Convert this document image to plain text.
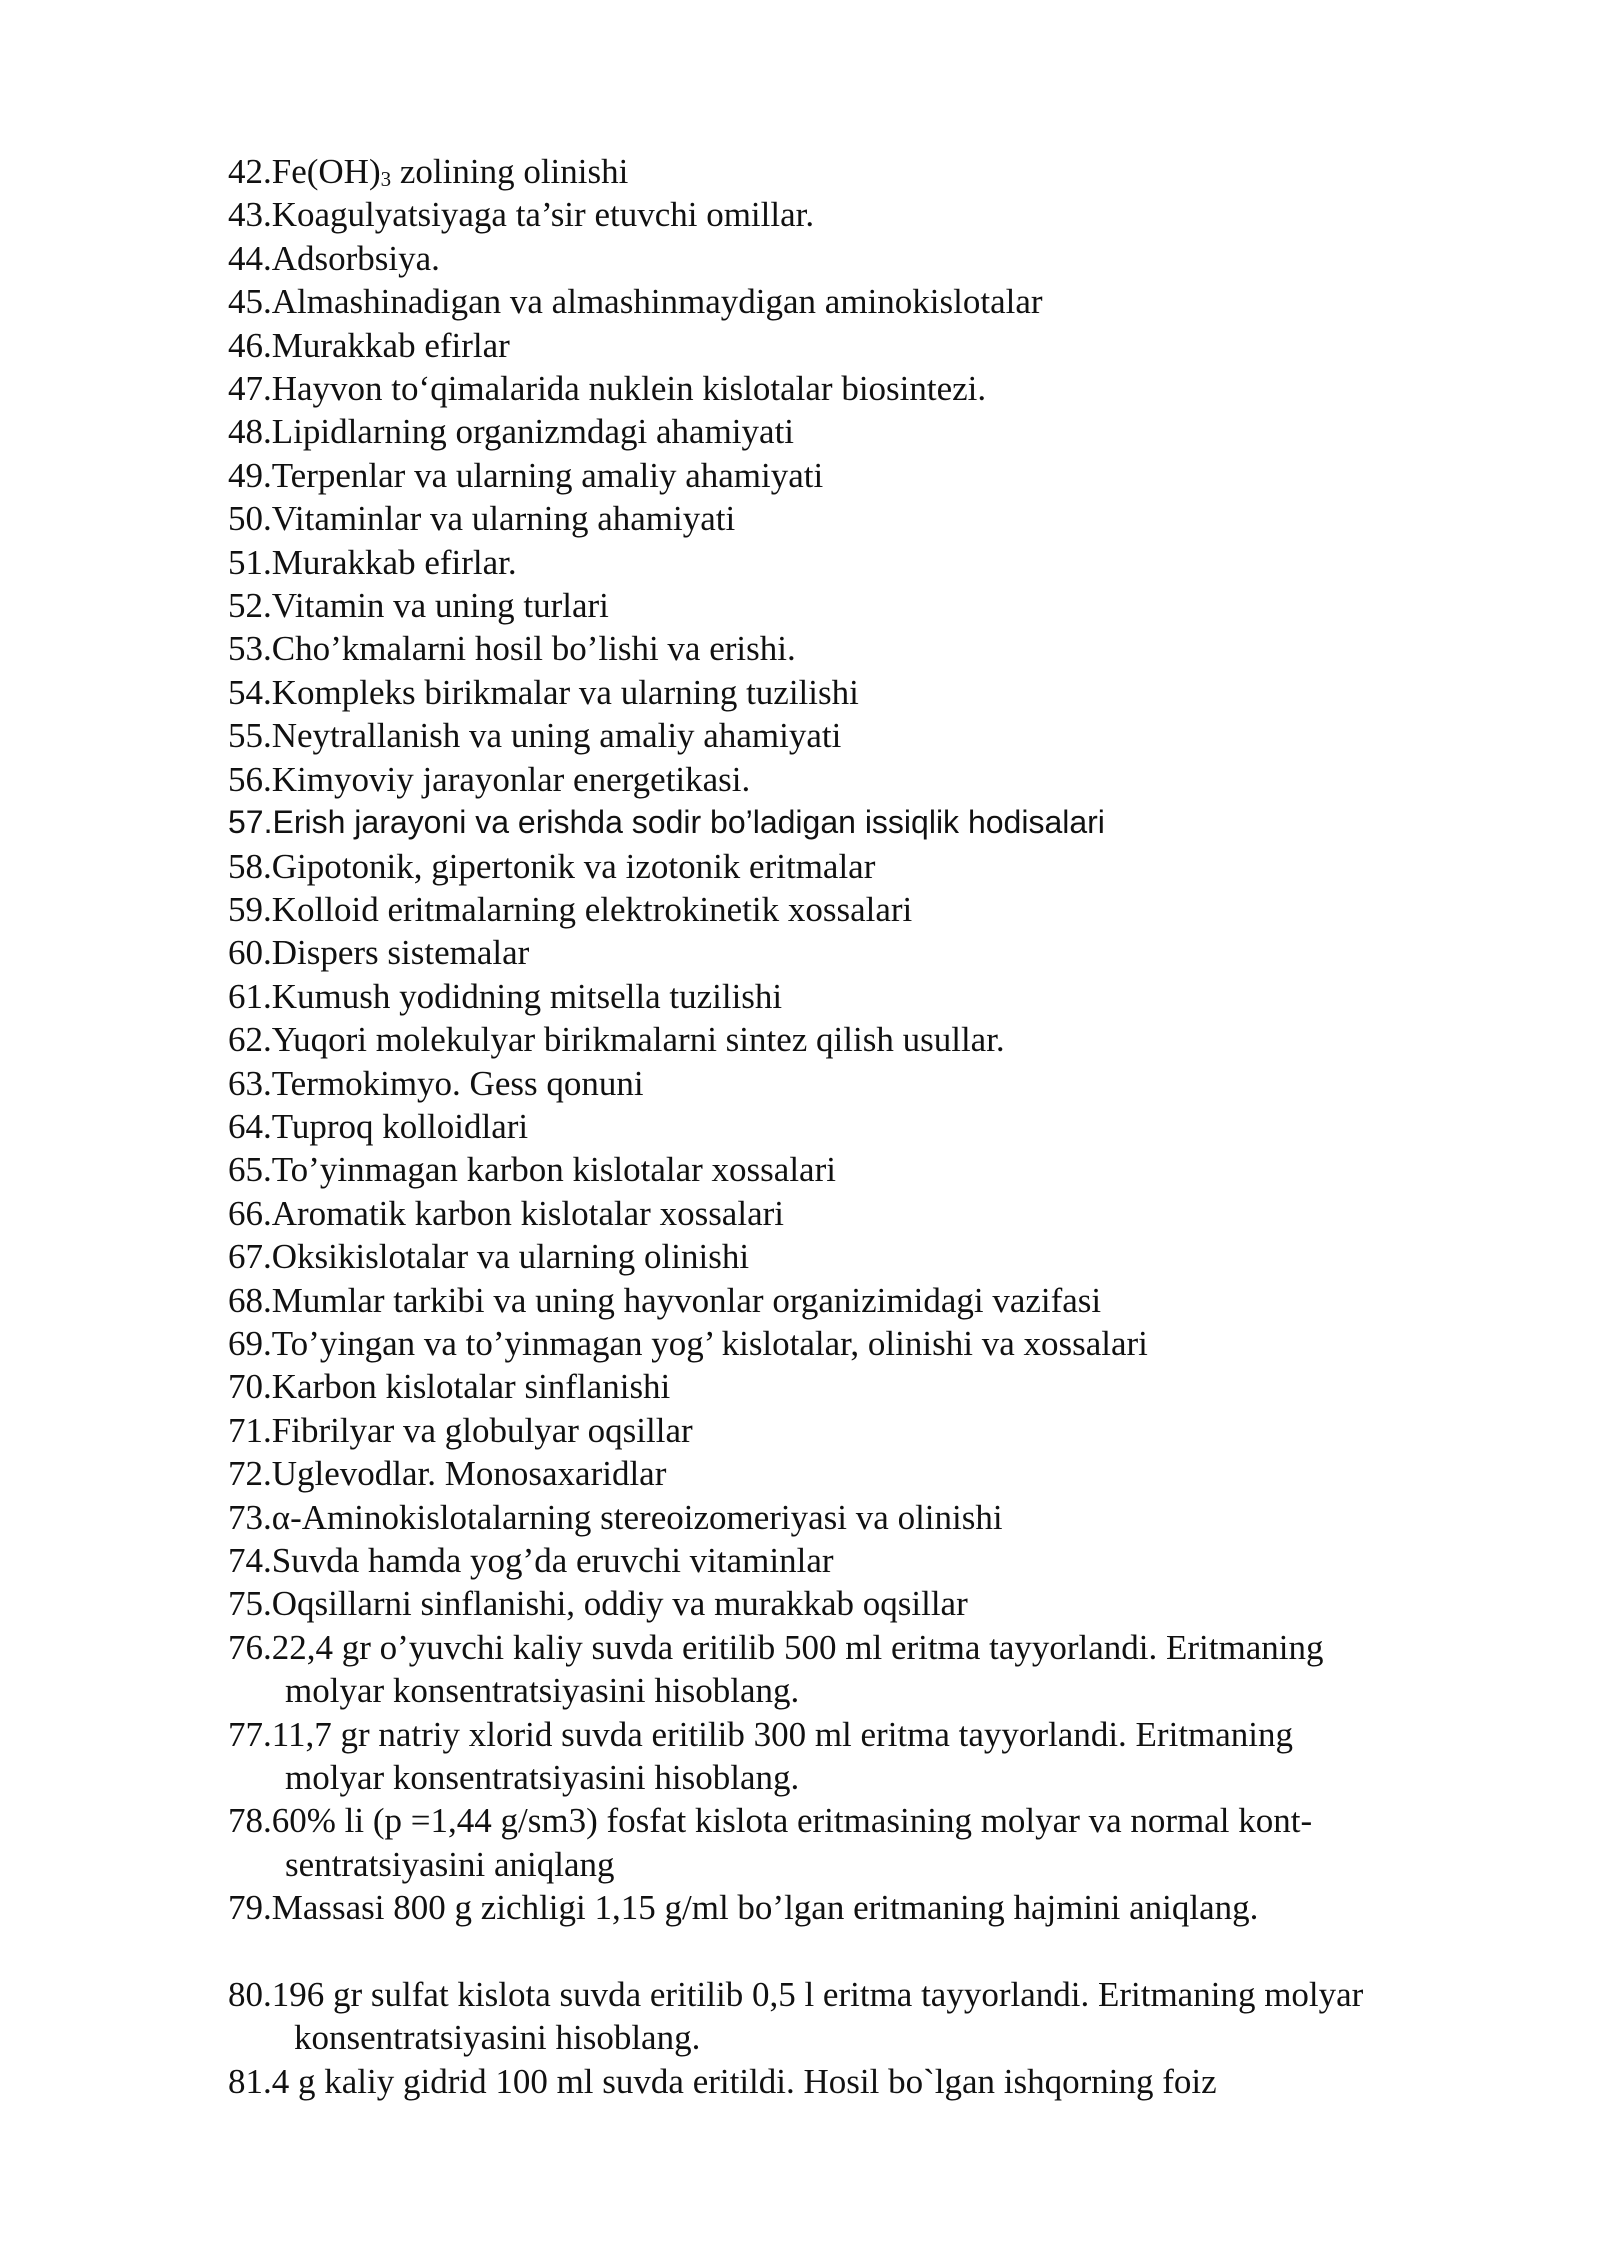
$42.Fe(OH)_3$ zolining olinishi
43.Koagulyatsiyaga ta’sir etuvchi omillar.
44.Adsorbsiya.
45.Almashinadigan va almashinmaydigan aminokislotalar
46.Murakkab efirlar
47.Hayvon to‘qimalarida nuklein kislotalar biosintezi.
48.Lipidlarning organizmdagi ahamiyati
49.Terpenlar va ularning amaliy ahamiyati
50.Vitaminlar va ularning ahamiyati
51.Murakkab efirlar.
52.Vitamin va uning turlari
53.Cho’kmalarni hosil bo’lishi va erishi.
54.Kompleks birikmalar va ularning tuzilishi
55.Neytrallanish va uning amaliy ahamiyati
56.Kimyoviy jarayonlar energetikasi.
57.Erish jarayoni va erishda sodir bo’ladigan issiqlik hodisalari
58.Gipotonik, gipertonik va izotonik eritmalar
59.Kolloid eritmalarning elektrokinetik xossalari
60.Dispers sistemalar
61.Kumush yodidning mitsella tuzilishi
62.Yuqori molekulyar birikmalarni sintez qilish usullar.
63.Termokimyo. Gess qonuni
64.Tuproq kolloidlari
65.To’yinmagan karbon kislotalar xossalari
66.Aromatik karbon kislotalar xossalari
67.Oksikislotalar va ularning olinishi
68.Mumlar tarkibi va uning hayvonlar organizimidagi vazifasi
69.To’yingan va to’yinmagan yog’ kislotalar, olinishi va xossalari
70.Karbon kislotalar sinflanishi
71.Fibrilyar va globulyar oqsillar
72.Uglevodlar. Monosaxaridlar
73.α-Aminokislotalarning stereoizomeriyasi va olinishi
74.Suvda hamda yog’da eruvchi vitaminlar
75.Oqsillarni sinflanishi, oddiy va murakkab oqsillar
76.22,4 gr o’yuvchi kaliy suvda eritilib 500 ml eritma tayyorlandi. Eritmaning
molyar konsentratsiyasini hisoblang.
77.11,7 gr natriy xlorid suvda eritilib 300 ml eritma tayyorlandi. Eritmaning
molyar konsentratsiyasini hisoblang.
78.60% li (p =1,44 g/sm3) fosfat kislota eritmasining molyar va normal kont-
sentratsiyasini aniqlang
79.Massasi 800 g zichligi 1,15 g/ml bo’lgan eritmaning hajmini aniqlang.
80.196 gr sulfat kislota suvda eritilib 0,5 l eritma tayyorlandi. Eritmaning molyar
konsentratsiyasini hisoblang.
81.4 g kaliy gidrid 100 ml suvda eritildi. Hosil bo`lgan ishqorning foiz
